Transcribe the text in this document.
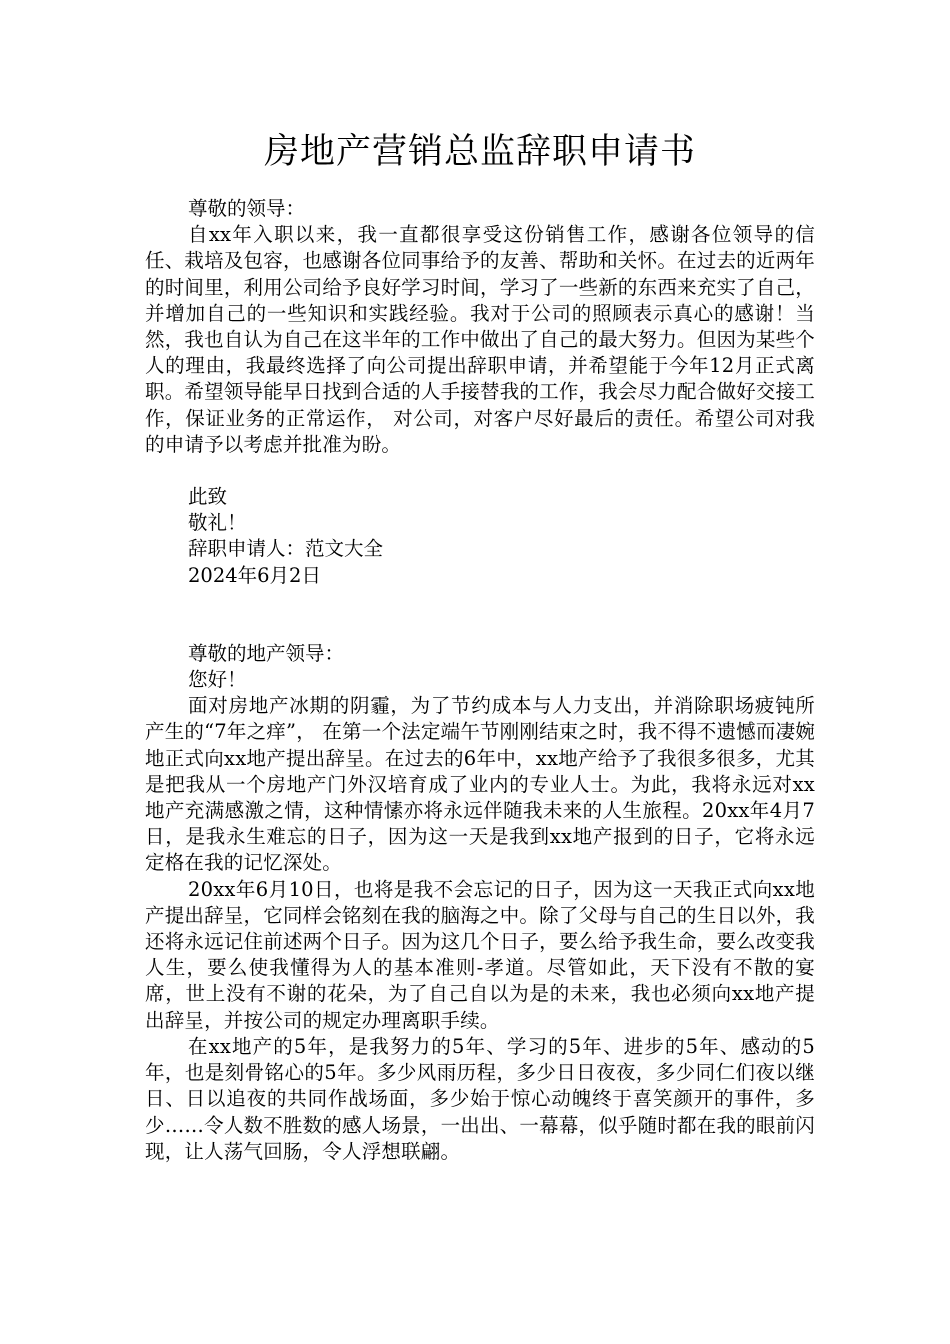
房地产营销总监辞职申请书

尊敬的领导：

自xx年入职以来，我一直都很享受这份销售工作，感谢各位领导的信任、栽培及包容，也感谢各位同事给予的友善、帮助和关怀。在过去的近两年的时间里，利用公司给予良好学习时间，学习了一些新的东西来充实了自己，并增加自己的一些知识和实践经验。我对于公司的照顾表示真心的感谢！当然，我也自认为自己在这半年的工作中做出了自己的最大努力。但因为某些个人的理由，我最终选择了向公司提出辞职申请，并希望能于今年12月正式离职。希望领导能早日找到合适的人手接替我的工作，我会尽力配合做好交接工作，保证业务的正常运作， 对公司，对客户尽好最后的责任。希望公司对我的申请予以考虑并批准为盼。

此致

敬礼！

辞职申请人：范文大全

2024年6月2日

尊敬的地产领导：

您好！

面对房地产冰期的阴霾，为了节约成本与人力支出，并消除职场疲钝所产生的“7年之痒”， 在第一个法定端午节刚刚结束之时，我不得不遗憾而凄婉地正式向xx地产提出辞呈。在过去的6年中，xx地产给予了我很多很多，尤其是把我从一个房地产门外汉培育成了业内的专业人士。为此，我将永远对xx地产充满感激之情，这种情愫亦将永远伴随我未来的人生旅程。20xx年4月7日，是我永生难忘的日子，因为这一天是我到xx地产报到的日子，它将永远定格在我的记忆深处。

20xx年6月10日，也将是我不会忘记的日子，因为这一天我正式向xx地产提出辞呈，它同样会铭刻在我的脑海之中。除了父母与自己的生日以外，我还将永远记住前述两个日子。因为这几个日子，要么给予我生命，要么改变我人生，要么使我懂得为人的基本准则-孝道。尽管如此，天下没有不散的宴席，世上没有不谢的花朵，为了自己自以为是的未来，我也必须向xx地产提出辞呈，并按公司的规定办理离职手续。

在xx地产的5年，是我努力的5年、学习的5年、进步的5年、感动的5年，也是刻骨铭心的5年。多少风雨历程，多少日日夜夜，多少同仁们夜以继日、日以追夜的共同作战场面，多少始于惊心动魄终于喜笑颜开的事件，多少……令人数不胜数的感人场景，一出出、一幕幕，似乎随时都在我的眼前闪现，让人荡气回肠，令人浮想联翩。
